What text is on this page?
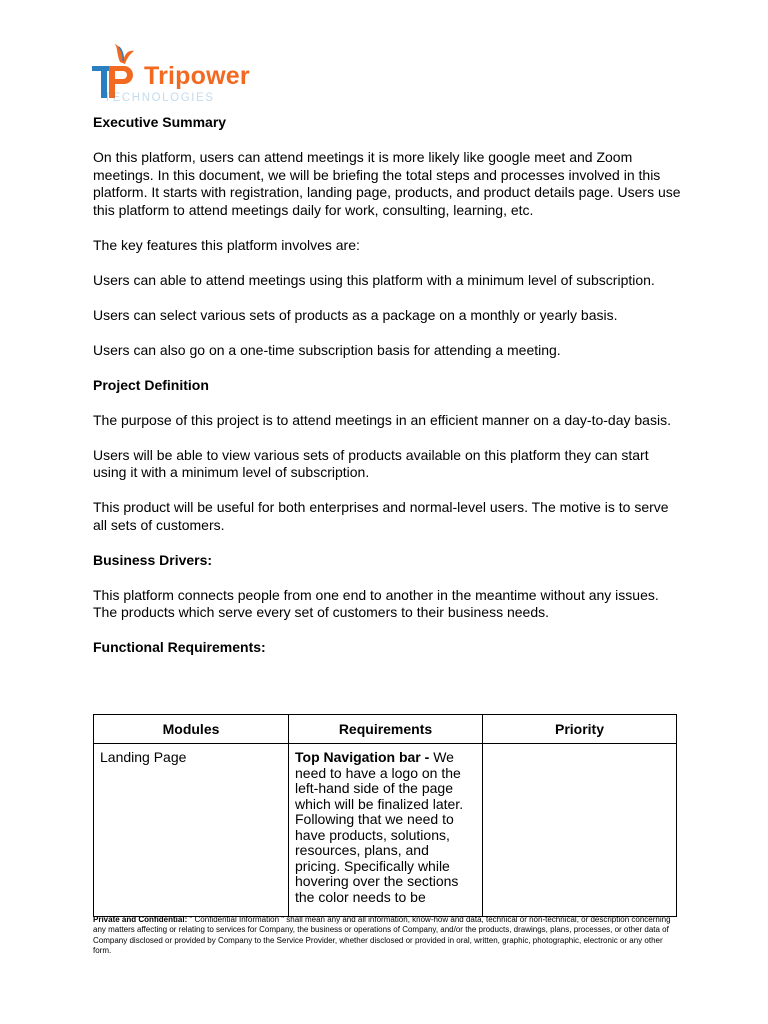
Tripower
TECHNOLOGIES
Executive Summary

On this platform, users can attend meetings it is more likely like google meet and Zoom meetings. In this document, we will be briefing the total steps and processes involved in this platform. It starts with registration, landing page, products, and product details page. Users use this platform to attend meetings daily for work, consulting, learning, etc.

The key features this platform involves are:

Users can able to attend meetings using this platform with a minimum level of subscription.

Users can select various sets of products as a package on a monthly or yearly basis.

Users can also go on a one-time subscription basis for attending a meeting.

Project Definition

The purpose of this project is to attend meetings in an efficient manner on a day-to-day basis.

Users will be able to view various sets of products available on this platform they can start using it with a minimum level of subscription.

This product will be useful for both enterprises and normal-level users. The motive is to serve all sets of customers.

Business Drivers:

This platform connects people from one end to another in the meantime without any issues. The products which serve every set of customers to their business needs.

Functional Requirements:
Modules	Requirements	Priority
Landing Page	Top Navigation bar - We need to have a logo on the left-hand side of the page which will be finalized later. Following that we need to have products, solutions, resources, plans, and pricing. Specifically while hovering over the sections the color needs to be	
Private and Confidential: " Confidential Information " shall mean any and all information, know-how and data, technical or non-technical, or description concerning any matters affecting or relating to services for Company, the business or operations of Company, and/or the products, drawings, plans, processes, or other data of Company disclosed or provided by Company to the Service Provider, whether disclosed or provided in oral, written, graphic, photographic, electronic or any other form.
